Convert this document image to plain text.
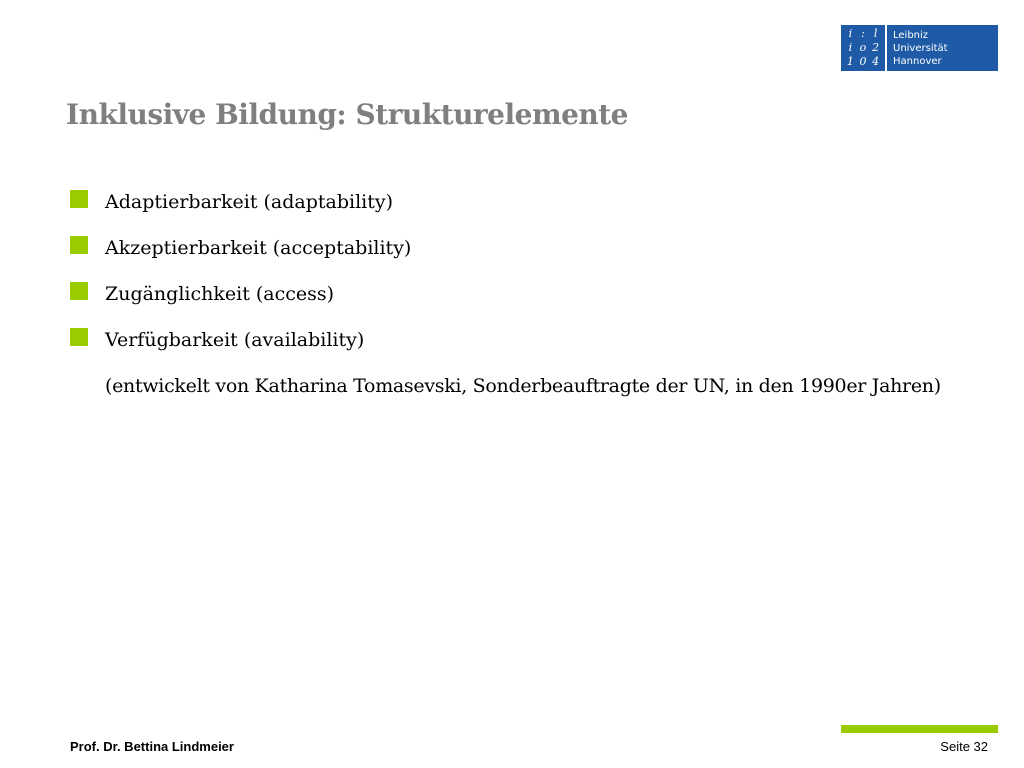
i : l
i o 2
1 0 4
Leibniz
Universität
Hannover
Inklusive Bildung: Strukturelemente
Adaptierbarkeit (adaptability)
Akzeptierbarkeit (acceptability)
Zugänglichkeit (access)
Verfügbarkeit (availability)
(entwickelt von Katharina Tomasevski, Sonderbeauftragte der UN, in den 1990er Jahren)
Prof. Dr. Bettina Lindmeier	Seite 32
